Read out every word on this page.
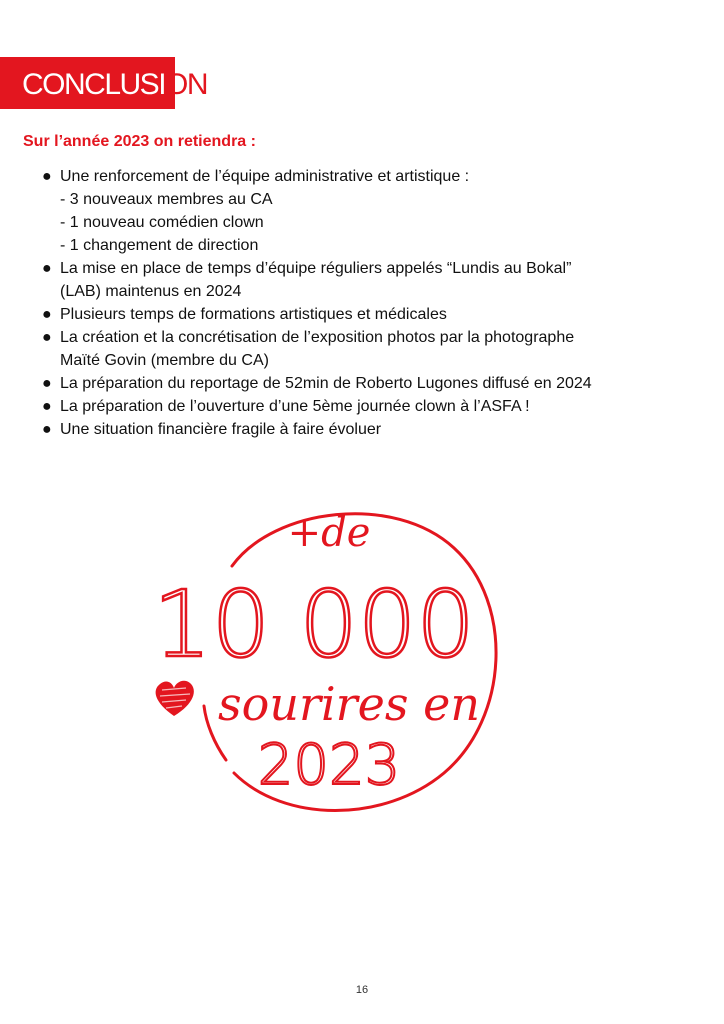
CONCLUSION
Sur l’année 2023 on retiendra :
● Une renforcement de l’équipe administrative et artistique :
- 3 nouveaux membres au CA
- 1 nouveau comédien clown
- 1 changement de direction
● La mise en place de temps d’équipe réguliers appelés “Lundis au Bokal”
(LAB) maintenus en 2024
● Plusieurs temps de formations artistiques et médicales
● La création et la concrétisation de l’exposition photos par la photographe
Maïté Govin (membre du CA)
● La préparation du reportage de 52min de Roberto Lugones diffusé en 2024
● La préparation de l’ouverture d’une 5ème journée clown à l’ASFA !
● Une situation financière fragile à faire évoluer
+de
10 000
sourires en
2023
16
